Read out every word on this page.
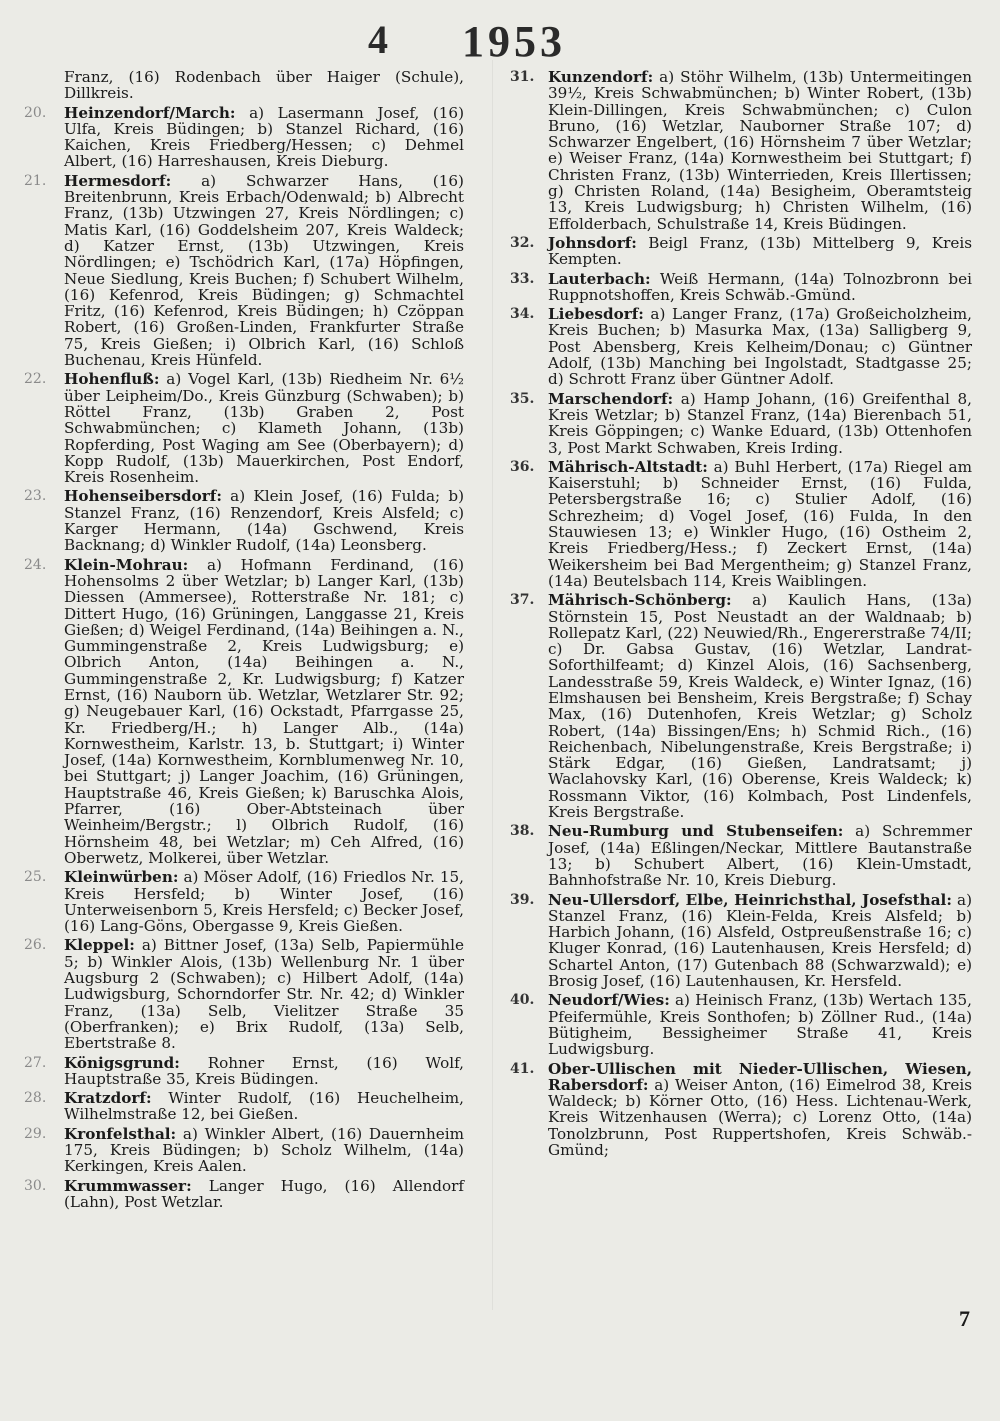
4 1953
Franz, (16) Rodenbach über Haiger (Schule), Dillkreis.
20.	Heinzendorf/March: a) Lasermann Josef, (16) Ulfa, Kreis Büdingen; b) Stanzel Richard, (16) Kaichen, Kreis Friedberg/Hessen; c) Dehmel Albert, (16) Harreshausen, Kreis Dieburg.
21.	Hermesdorf: a) Schwarzer Hans, (16) Breitenbrunn, Kreis Erbach/Odenwald; b) Albrecht Franz, (13b) Utzwingen 27, Kreis Nördlingen; c) Matis Karl, (16) Goddelsheim 207, Kreis Waldeck; d) Katzer Ernst, (13b) Utzwingen, Kreis Nördlingen; e) Tschödrich Karl, (17a) Höpfingen, Neue Siedlung, Kreis Buchen; f) Schubert Wilhelm, (16) Kefenrod, Kreis Büdingen; g) Schmachtel Fritz, (16) Kefenrod, Kreis Büdingen; h) Czöppan Robert, (16) Großen-Linden, Frankfurter Straße 75, Kreis Gießen; i) Olbrich Karl, (16) Schloß Buchenau, Kreis Hünfeld.
22.	Hohenfluß: a) Vogel Karl, (13b) Riedheim Nr. 6½ über Leipheim/Do., Kreis Günzburg (Schwaben); b) Röttel Franz, (13b) Graben 2, Post Schwabmünchen; c) Klameth Johann, (13b) Ropferding, Post Waging am See (Oberbayern); d) Kopp Rudolf, (13b) Mauerkirchen, Post Endorf, Kreis Rosenheim.
23.	Hohenseibersdorf: a) Klein Josef, (16) Fulda; b) Stanzel Franz, (16) Renzendorf, Kreis Alsfeld; c) Karger Hermann, (14a) Gschwend, Kreis Backnang; d) Winkler Rudolf, (14a) Leonsberg.
24.	Klein-Mohrau: a) Hofmann Ferdinand, (16) Hohensolms 2 über Wetzlar; b) Langer Karl, (13b) Diessen (Ammersee), Rotterstraße Nr. 181; c) Dittert Hugo, (16) Grüningen, Langgasse 21, Kreis Gießen; d) Weigel Ferdinand, (14a) Beihingen a. N., Gummingenstraße 2, Kreis Ludwigsburg; e) Olbrich Anton, (14a) Beihingen a. N., Gummingenstraße 2, Kr. Ludwigsburg; f) Katzer Ernst, (16) Nauborn üb. Wetzlar, Wetzlarer Str. 92; g) Neugebauer Karl, (16) Ockstadt, Pfarrgasse 25, Kr. Friedberg/H.; h) Langer Alb., (14a) Kornwestheim, Karlstr. 13, b. Stuttgart; i) Winter Josef, (14a) Kornwestheim, Kornblumenweg Nr. 10, bei Stuttgart; j) Langer Joachim, (16) Grüningen, Hauptstraße 46, Kreis Gießen; k) Baruschka Alois, Pfarrer, (16) Ober-Abtsteinach über Weinheim/Bergstr.; l) Olbrich Rudolf, (16) Hörnsheim 48, bei Wetzlar; m) Ceh Alfred, (16) Oberwetz, Molkerei, über Wetzlar.
25.	Kleinwürben: a) Möser Adolf, (16) Friedlos Nr. 15, Kreis Hersfeld; b) Winter Josef, (16) Unterweisenborn 5, Kreis Hersfeld; c) Becker Josef, (16) Lang-Göns, Obergasse 9, Kreis Gießen.
26.	Kleppel: a) Bittner Josef, (13a) Selb, Papiermühle 5; b) Winkler Alois, (13b) Wellenburg Nr. 1 über Augsburg 2 (Schwaben); c) Hilbert Adolf, (14a) Ludwigsburg, Schorndorfer Str. Nr. 42; d) Winkler Franz, (13a) Selb, Vielitzer Straße 35 (Oberfranken); e) Brix Rudolf, (13a) Selb, Ebertstraße 8.
27.	Königsgrund: Rohner Ernst, (16) Wolf, Hauptstraße 35, Kreis Büdingen.
28.	Kratzdorf: Winter Rudolf, (16) Heuchelheim, Wilhelmstraße 12, bei Gießen.
29.	Kronfelsthal: a) Winkler Albert, (16) Dauernheim 175, Kreis Büdingen; b) Scholz Wilhelm, (14a) Kerkingen, Kreis Aalen.
30.	Krummwasser: Langer Hugo, (16) Allendorf (Lahn), Post Wetzlar.
31. Kunzendorf: a) Stöhr Wilhelm, (13b) Untermeitingen 39½, Kreis Schwabmünchen; b) Winter Robert, (13b) Klein-Dillingen, Kreis Schwabmünchen; c) Culon Bruno, (16) Wetzlar, Nauborner Straße 107; d) Schwarzer Engelbert, (16) Hörnsheim 7 über Wetzlar; e) Weiser Franz, (14a) Kornwestheim bei Stuttgart; f) Christen Franz, (13b) Winterrieden, Kreis Illertissen; g) Christen Roland, (14a) Besigheim, Oberamtsteig 13, Kreis Ludwigsburg; h) Christen Wilhelm, (16) Effolderbach, Schulstraße 14, Kreis Büdingen.
32. Johnsdorf: Beigl Franz, (13b) Mittelberg 9, Kreis Kempten.
33. Lauterbach: Weiß Hermann, (14a) Tolnozbronn bei Ruppnotshoffen, Kreis Schwäb.-Gmünd.
34. Liebesdorf: a) Langer Franz, (17a) Großeicholzheim, Kreis Buchen; b) Masurka Max, (13a) Salligberg 9, Post Abensberg, Kreis Kelheim/Donau; c) Güntner Adolf, (13b) Manching bei Ingolstadt, Stadtgasse 25; d) Schrott Franz über Güntner Adolf.
35. Marschendorf: a) Hamp Johann, (16) Greifenthal 8, Kreis Wetzlar; b) Stanzel Franz, (14a) Bierenbach 51, Kreis Göppingen; c) Wanke Eduard, (13b) Ottenhofen 3, Post Markt Schwaben, Kreis Irding.
36. Mährisch-Altstadt: a) Buhl Herbert, (17a) Riegel am Kaiserstuhl; b) Schneider Ernst, (16) Fulda, Petersbergstraße 16; c) Stulier Adolf, (16) Schrezheim; d) Vogel Josef, (16) Fulda, In den Stauwiesen 13; e) Winkler Hugo, (16) Ostheim 2, Kreis Friedberg/Hess.; f) Zeckert Ernst, (14a) Weikersheim bei Bad Mergentheim; g) Stanzel Franz, (14a) Beutelsbach 114, Kreis Waiblingen.
37. Mährisch-Schönberg: a) Kaulich Hans, (13a) Störnstein 15, Post Neustadt an der Waldnaab; b) Rollepatz Karl, (22) Neuwied/Rh., Engererstraße 74/II; c) Dr. Gabsa Gustav, (16) Wetzlar, Landrat-Soforthilfeamt; d) Kinzel Alois, (16) Sachsenberg, Landesstraße 59, Kreis Waldeck, e) Winter Ignaz, (16) Elmshausen bei Bensheim, Kreis Bergstraße; f) Schay Max, (16) Dutenhofen, Kreis Wetzlar; g) Scholz Robert, (14a) Bissingen/Ens; h) Schmid Rich., (16) Reichenbach, Nibelungenstraße, Kreis Bergstraße; i) Stärk Edgar, (16) Gießen, Landratsamt; j) Waclahovsky Karl, (16) Oberense, Kreis Waldeck; k) Rossmann Viktor, (16) Kolmbach, Post Lindenfels, Kreis Bergstraße.
38. Neu-Rumburg und Stubenseifen: a) Schremmer Josef, (14a) Eßlingen/Neckar, Mittlere Bautanstraße 13; b) Schubert Albert, (16) Klein-Umstadt, Bahnhofstraße Nr. 10, Kreis Dieburg.
39. Neu-Ullersdorf, Elbe, Heinrichsthal, Josefsthal: a) Stanzel Franz, (16) Klein-Felda, Kreis Alsfeld; b) Harbich Johann, (16) Alsfeld, Ostpreußenstraße 16; c) Kluger Konrad, (16) Lautenhausen, Kreis Hersfeld; d) Schartel Anton, (17) Gutenbach 88 (Schwarzwald); e) Brosig Josef, (16) Lautenhausen, Kr. Hersfeld.
40. Neudorf/Wies: a) Heinisch Franz, (13b) Wertach 135, Pfeifermühle, Kreis Sonthofen; b) Zöllner Rud., (14a) Bütigheim, Bessigheimer Straße 41, Kreis Ludwigsburg.
41. Ober-Ullischen mit Nieder-Ullischen, Wiesen, Rabersdorf: a) Weiser Anton, (16) Eimelrod 38, Kreis Waldeck; b) Körner Otto, (16) Hess. Lichtenau-Werk, Kreis Witzenhausen (Werra); c) Lorenz Otto, (14a) Tonolzbrunn, Post Ruppertshofen, Kreis Schwäb.-Gmünd;
7
